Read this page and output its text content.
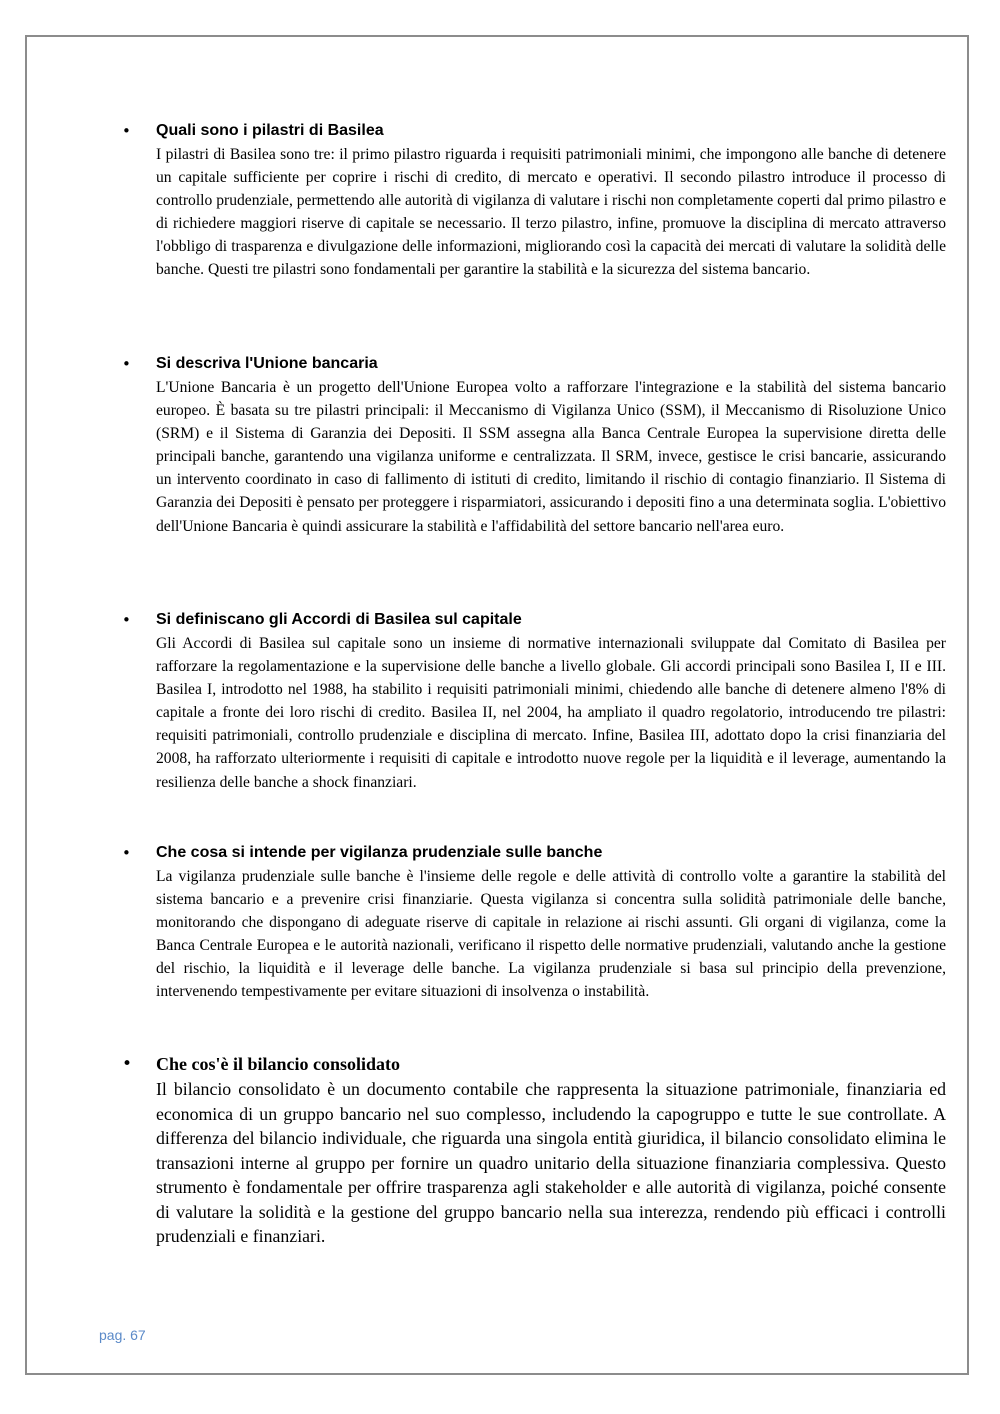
• Quali sono i pilastri di Basilea

I pilastri di Basilea sono tre: il primo pilastro riguarda i requisiti patrimoniali minimi, che impongono alle banche di detenere un capitale sufficiente per coprire i rischi di credito, di mercato e operativi. Il secondo pilastro introduce il processo di controllo prudenziale, permettendo alle autorità di vigilanza di valutare i rischi non completamente coperti dal primo pilastro e di richiedere maggiori riserve di capitale se necessario. Il terzo pilastro, infine, promuove la disciplina di mercato attraverso l'obbligo di trasparenza e divulgazione delle informazioni, migliorando così la capacità dei mercati di valutare la solidità delle banche. Questi tre pilastri sono fondamentali per garantire la stabilità e la sicurezza del sistema bancario.

• Si descriva l'Unione bancaria

L'Unione Bancaria è un progetto dell'Unione Europea volto a rafforzare l'integrazione e la stabilità del sistema bancario europeo. È basata su tre pilastri principali: il Meccanismo di Vigilanza Unico (SSM), il Meccanismo di Risoluzione Unico (SRM) e il Sistema di Garanzia dei Depositi. Il SSM assegna alla Banca Centrale Europea la supervisione diretta delle principali banche, garantendo una vigilanza uniforme e centralizzata. Il SRM, invece, gestisce le crisi bancarie, assicurando un intervento coordinato in caso di fallimento di istituti di credito, limitando il rischio di contagio finanziario. Il Sistema di Garanzia dei Depositi è pensato per proteggere i risparmiatori, assicurando i depositi fino a una determinata soglia. L'obiettivo dell'Unione Bancaria è quindi assicurare la stabilità e l'affidabilità del settore bancario nell'area euro.

• Si definiscano gli Accordi di Basilea sul capitale

Gli Accordi di Basilea sul capitale sono un insieme di normative internazionali sviluppate dal Comitato di Basilea per rafforzare la regolamentazione e la supervisione delle banche a livello globale. Gli accordi principali sono Basilea I, II e III. Basilea I, introdotto nel 1988, ha stabilito i requisiti patrimoniali minimi, chiedendo alle banche di detenere almeno l'8% di capitale a fronte dei loro rischi di credito. Basilea II, nel 2004, ha ampliato il quadro regolatorio, introducendo tre pilastri: requisiti patrimoniali, controllo prudenziale e disciplina di mercato. Infine, Basilea III, adottato dopo la crisi finanziaria del 2008, ha rafforzato ulteriormente i requisiti di capitale e introdotto nuove regole per la liquidità e il leverage, aumentando la resilienza delle banche a shock finanziari.

• Che cosa si intende per vigilanza prudenziale sulle banche

La vigilanza prudenziale sulle banche è l'insieme delle regole e delle attività di controllo volte a garantire la stabilità del sistema bancario e a prevenire crisi finanziarie. Questa vigilanza si concentra sulla solidità patrimoniale delle banche, monitorando che dispongano di adeguate riserve di capitale in relazione ai rischi assunti. Gli organi di vigilanza, come la Banca Centrale Europea e le autorità nazionali, verificano il rispetto delle normative prudenziali, valutando anche la gestione del rischio, la liquidità e il leverage delle banche. La vigilanza prudenziale si basa sul principio della prevenzione, intervenendo tempestivamente per evitare situazioni di insolvenza o instabilità.

• Che cos'è il bilancio consolidato

Il bilancio consolidato è un documento contabile che rappresenta la situazione patrimoniale, finanziaria ed economica di un gruppo bancario nel suo complesso, includendo la capogruppo e tutte le sue controllate. A differenza del bilancio individuale, che riguarda una singola entità giuridica, il bilancio consolidato elimina le transazioni interne al gruppo per fornire un quadro unitario della situazione finanziaria complessiva. Questo strumento è fondamentale per offrire trasparenza agli stakeholder e alle autorità di vigilanza, poiché consente di valutare la solidità e la gestione del gruppo bancario nella sua interezza, rendendo più efficaci i controlli prudenziali e finanziari.

pag. 67
